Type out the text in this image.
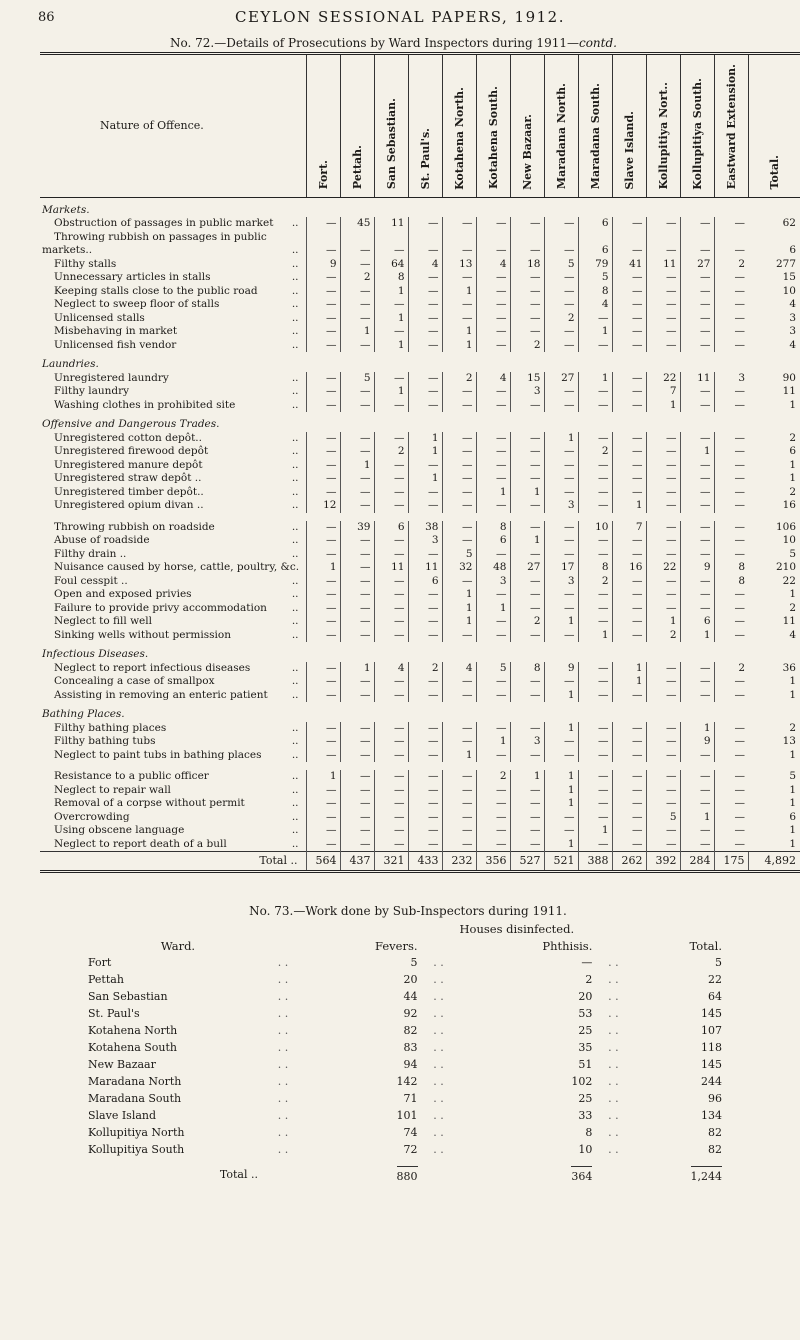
86	CEYLON SESSIONAL PAPERS, 1912.
No. 72.—Details of Prosecutions by Ward Inspectors during 1911—contd.
Nature of Offence.	Fort.	Pettah.	San Sebastian.	St. Paul's.	Kotahena North.	Kotahena South.	New Bazaar.	Maradana North.	Maradana South.	Slave Island.	Kollupitiya Nort..	Kollupitiya South.	Eastward Extension.	Total.
Markets.														
Obstruction of passages in public market ..	—	45	11	—	—	—	—	—	6	—	—	—	—	62
Throwing rubbish on passages in public

markets.. ..	—	—	—	—	—	—	—	—	6	—	—	—	—	6
Filthy stalls ..	9	—	64	4	13	4	18	5	79	41	11	27	2	277
Unnecessary articles in stalls ..	—	2	8	—	—	—	—	—	5	—	—	—	—	15
Keeping stalls close to the public road ..	—	—	1	—	1	—	—	—	8	—	—	—	—	10
Neglect to sweep floor of stalls ..	—	—	—	—	—	—	—	—	4	—	—	—	—	4
Unlicensed stalls ..	—	—	1	—	—	—	—	2	—	—	—	—	—	3
Misbehaving in market ..	—	1	—	—	1	—	—	—	1	—	—	—	—	3
Unlicensed fish vendor ..	—	—	1	—	1	—	2	—	—	—	—	—	—	4
Laundries.														
Unregistered laundry ..	—	5	—	—	2	4	15	27	1	—	22	11	3	90
Filthy laundry ..	—	—	1	—	—	—	3	—	—	—	7	—	—	11
Washing clothes in prohibited site ..	—	—	—	—	—	—	—	—	—	—	1	—	—	1
Offensive and Dangerous Trades.														
Unregistered cotton depôt.. ..	—	—	—	1	—	—	—	1	—	—	—	—	—	2
Unregistered firewood depôt ..	—	—	2	1	—	—	—	—	2	—	—	1	—	6
Unregistered manure depôt ..	—	1	—	—	—	—	—	—	—	—	—	—	—	1
Unregistered straw depôt .. ..	—	—	—	1	—	—	—	—	—	—	—	—	—	1
Unregistered timber depôt.. ..	—	—	—	—	—	1	1	—	—	—	—	—	—	2
Unregistered opium divan .. ..	12	—	—	—	—	—	—	3	—	1	—	—	—	16

Throwing rubbish on roadside ..	—	39	6	38	—	8	—	—	10	7	—	—	—	106
Abuse of roadside ..	—	—	—	3	—	6	1	—	—	—	—	—	—	10
Filthy drain .. ..	—	—	—	—	5	—	—	—	—	—	—	—	—	5
Nuisance caused by horse, cattle, poultry, &c.	1	—	11	11	32	48	27	17	8	16	22	9	8	210
Foul cesspit .. ..	—	—	—	6	—	3	—	3	2	—	—	—	8	22
Open and exposed privies ..	—	—	—	—	1	—	—	—	—	—	—	—	—	1
Failure to provide privy accommodation ..	—	—	—	—	1	1	—	—	—	—	—	—	—	2
Neglect to fill well ..	—	—	—	—	1	—	2	1	—	—	1	6	—	11
Sinking wells without permission ..	—	—	—	—	—	—	—	—	1	—	2	1	—	4
Infectious Diseases.														
Neglect to report infectious diseases ..	—	1	4	2	4	5	8	9	—	1	—	—	2	36
Concealing a case of smallpox ..	—	—	—	—	—	—	—	—	—	1	—	—	—	1
Assisting in removing an enteric patient ..	—	—	—	—	—	—	—	1	—	—	—	—	—	1
Bathing Places.														
Filthy bathing places ..	—	—	—	—	—	—	—	1	—	—	—	1	—	2
Filthy bathing tubs ..	—	—	—	—	—	1	3	—	—	—	—	9	—	13
Neglect to paint tubs in bathing places ..	—	—	—	—	1	—	—	—	—	—	—	—	—	1

Resistance to a public officer ..	1	—	—	—	—	2	1	1	—	—	—	—	—	5
Neglect to repair wall ..	—	—	—	—	—	—	—	1	—	—	—	—	—	1
Removal of a corpse without permit ..	—	—	—	—	—	—	—	1	—	—	—	—	—	1
Overcrowding ..	—	—	—	—	—	—	—	—	—	—	5	1	—	6
Using obscene language ..	—	—	—	—	—	—	—	—	1	—	—	—	—	1
Neglect to report death of a bull ..	—	—	—	—	—	—	—	1	—	—	—	—	—	1
Total ..	564	437	321	433	232	356	527	521	388	262	392	284	175	4,892
No. 73.—Work done by Sub-Inspectors during 1911.
				Houses disinfected.		
Ward.		Fevers.		Phthisis.		Total.
Fort	. .	5	. .	—	. .	5
Pettah	. .	20	. .	2	. .	22
San Sebastian	. .	44	. .	20	. .	64
St. Paul's	. .	92	. .	53	. .	145
Kotahena North	. .	82	. .	25	. .	107
Kotahena South	. .	83	. .	35	. .	118
New Bazaar	. .	94	. .	51	. .	145
Maradana North	. .	142	. .	102	. .	244
Maradana South	. .	71	. .	25	. .	96
Slave Island	. .	101	. .	33	. .	134
Kollupitiya North	. .	74	. .	8	. .	82
Kollupitiya South	. .	72	. .	10	. .	82
Total ..		880		364		1,244
